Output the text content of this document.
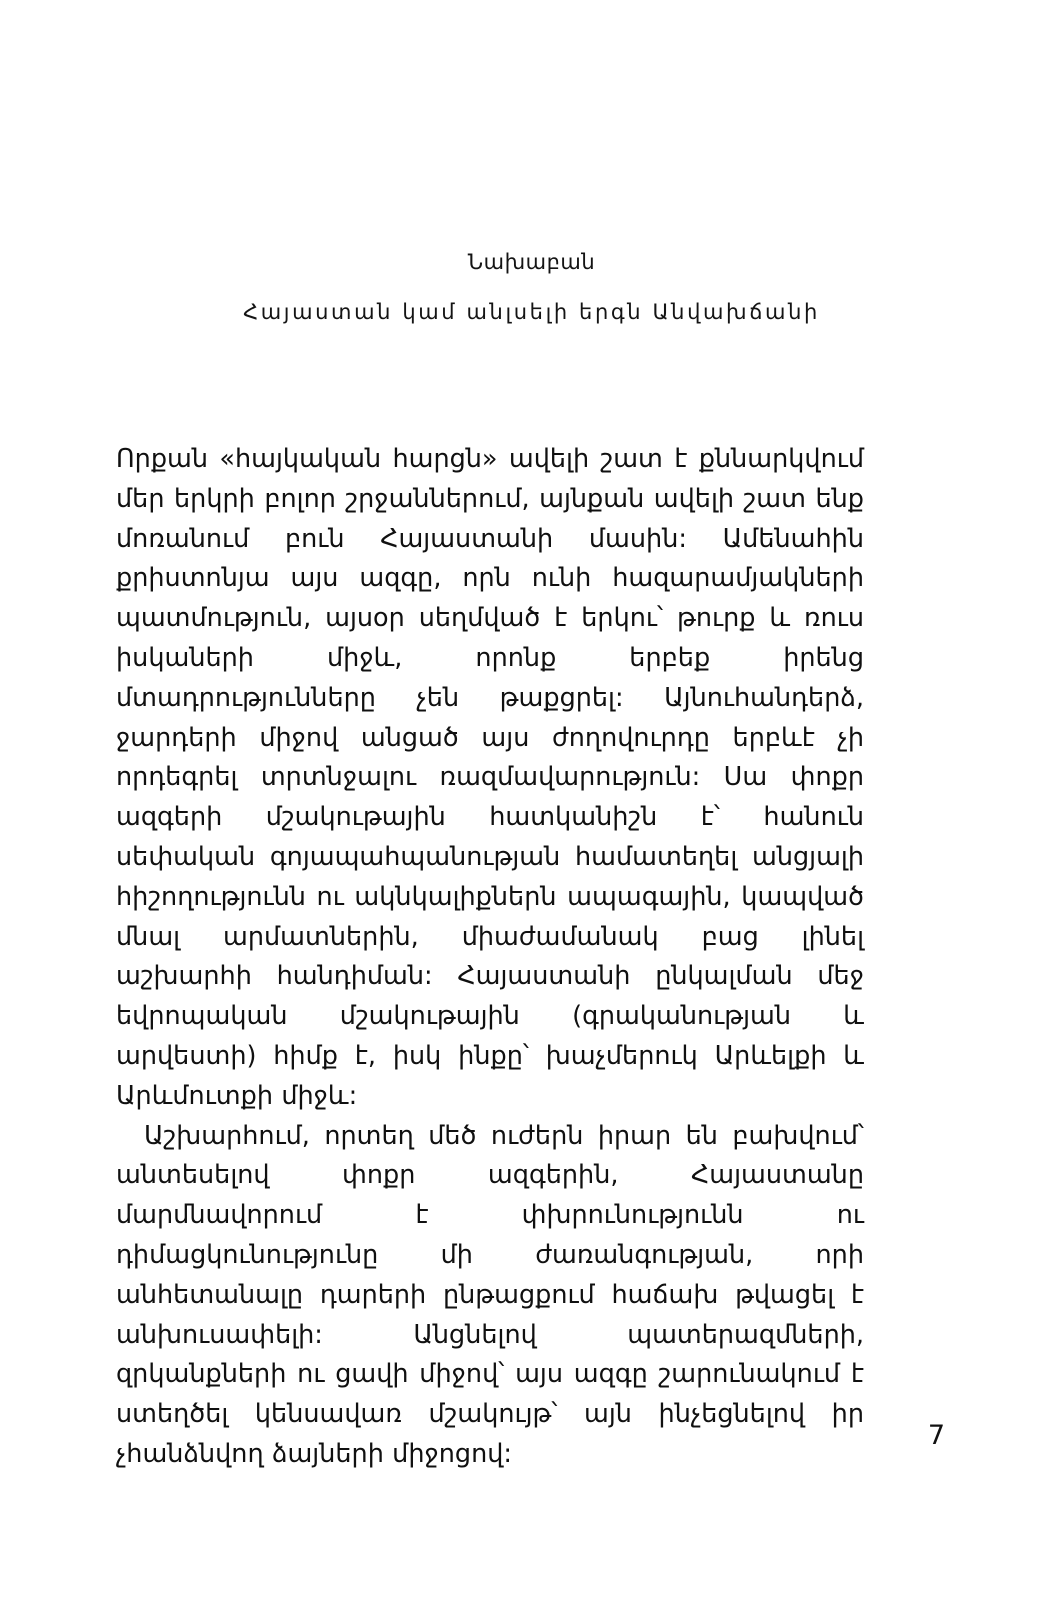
Նախաբան
Հայաստան կամ անլսելի երգն Անվախճանի

Որքան «հայկական հարցն» ավելի շատ է քննարկվում մեր երկրի բոլոր շրջաններում, այնքան ավելի շատ ենք մոռանում բուն Հայաստանի մասին: Ամենահին քրիստոնյա այս ազգը, որն ունի հազարամյակների պատմություն, այսօր սեղմված է երկու՝ թուրք և ռուս իսկաների միջև, որոնք երբեք իրենց մտադրությունները չեն թաքցրել: Այնուհանդերձ, ջարդերի միջով անցած այս ժողովուրդը երբևէ չի որդեգրել տրտնջալու ռազմավարություն: Սա փոքր ազգերի մշակութային հատկանիշն է՝ հանուն սեփական գոյապահպանության համատեղել անցյալի հիշողությունն ու ակնկալիքներն ապագային, կապված մնալ արմատներին, միաժամանակ բաց լինել աշխարհի հանդիման: Հայաստանի ընկալման մեջ եվրոպական մշակութային (գրականության և արվեստի) հիմք է, իսկ ինքը՝ խաչմերուկ Արևելքի և Արևմուտքի միջև:

Աշխարհում, որտեղ մեծ ուժերն իրար են բախվում՝ անտեսելով փոքր ազգերին, Հայաստանը մարմնավորում է փխրունությունն ու դիմացկունությունը մի ժառանգության, որի անհետանալը դարերի ընթացքում հաճախ թվացել է անխուսափելի: Անցնելով պատերազմների, զրկանքների ու ցավի միջով՝ այս ազգը շարունակում է ստեղծել կենսավառ մշակույթ՝ այն ինչեցնելով իր չհանձնվող ձայների միջոցով:

7
